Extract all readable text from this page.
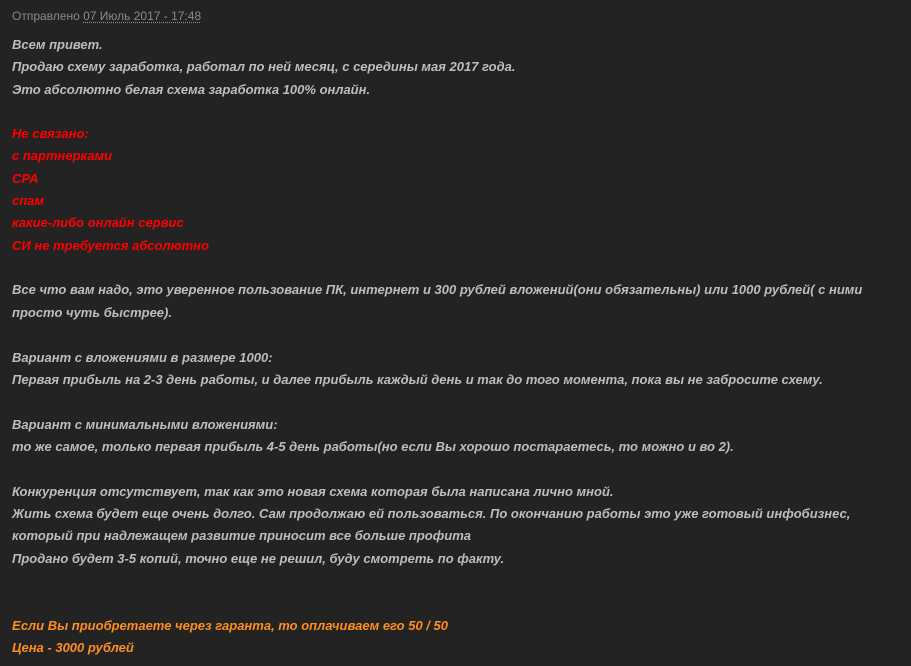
Отправлено 07 Июль 2017 - 17:48
Всем привет.
Продаю схему заработка, работал по ней месяц, с середины мая 2017 года.
Это абсолютно белая схема заработка 100% онлайн.
Не связано:
с партнерками
CPA
спам
какие-либо онлайн сервис
СИ не требуется абсолютно
Все что вам надо, это уверенное пользование ПК, интернет и 300 рублей вложений(они обязательны) или 1000 рублей( с ними просто чуть быстрее).
Вариант с вложениями в размере 1000:
Первая прибыль на 2-3 день работы, и далее прибыль каждый день и так до того момента, пока вы не забросите схему.
Вариант с минимальными вложениями:
то же самое, только первая прибыль 4-5 день работы(но если Вы хорошо постараетесь, то можно и во 2).
Конкуренция отсутствует, так как это новая схема которая была написана лично мной.
Жить схема будет еще очень долго. Сам продолжаю ей пользоваться. По окончанию работы это уже готовый инфобизнес, который при надлежащем развитие приносит все больше профита
Продано будет 3-5 копий, точно еще не решил, буду смотреть по факту.
Если Вы приобретаете через гаранта, то оплачиваем его 50 / 50
Цена - 3000 рублей
